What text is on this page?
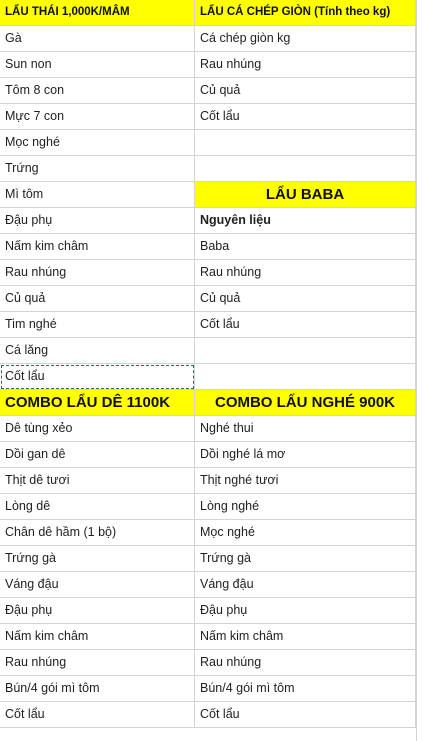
LẨU THÁI 1,000K/MÂM
Gà
Sun non
Tôm 8 con
Mực 7 con
Mọc nghé
Trứng
Mì tôm
Đậu phụ
Nấm kim châm
Rau nhúng
Củ quả
Tim nghé
Cá lăng
Cốt lẩu
COMBO LẨU DÊ 1100K
Dê tùng xẻo
Dồi gan dê
Thịt dê tươi
Lòng dê
Chân dê hầm (1 bộ)
Trứng gà
Váng đậu
Đậu phụ
Nấm kim châm
Rau nhúng
Bún/4 gói mì tôm
Cốt lẩu
LẨU CÁ CHÉP GIÒN (Tính theo kg)
Cá chép giòn kg
Rau nhúng
Củ quả
Cốt lẩu
LẨU BABA
Nguyên liệu
Baba
Rau nhúng
Củ quả
Cốt lẩu
COMBO LẨU NGHÉ 900K
Nghé thui
Dồi nghé lá mơ
Thịt nghé tươi
Lòng nghé
Mọc nghé
Trứng gà
Váng đậu
Đậu phụ
Nấm kim châm
Rau nhúng
Bún/4 gói mì tôm
Cốt lẩu
